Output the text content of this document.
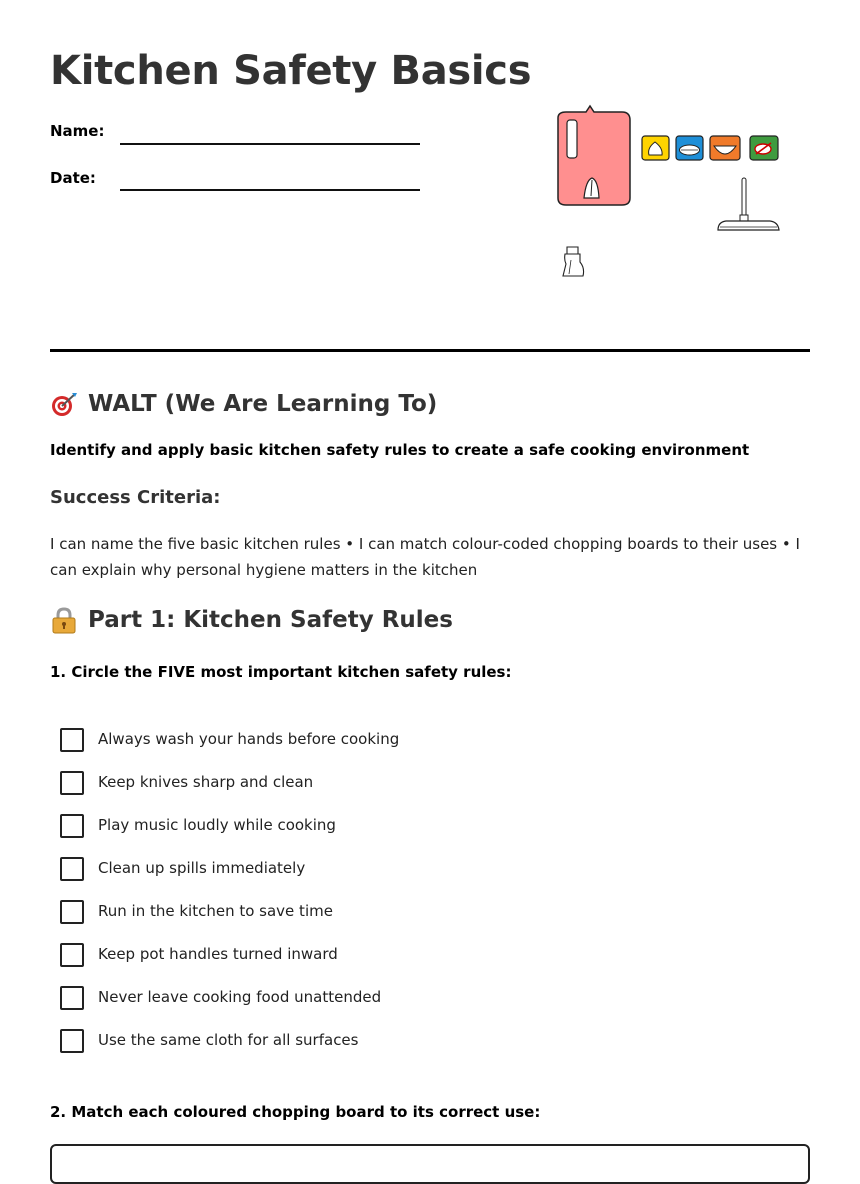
Kitchen Safety Basics
Name:
Date:
WALT (We Are Learning To)
Identify and apply basic kitchen safety rules to create a safe cooking environment
Success Criteria:

I can name the five basic kitchen rules • I can match colour-coded chopping boards to their uses • I can explain why personal hygiene matters in the kitchen

Part 1: Kitchen Safety Rules
1. Circle the FIVE most important kitchen safety rules:
Always wash your hands before cooking
Keep knives sharp and clean
Play music loudly while cooking
Clean up spills immediately
Run in the kitchen to save time
Keep pot handles turned inward
Never leave cooking food unattended
Use the same cloth for all surfaces
2. Match each coloured chopping board to its correct use:
